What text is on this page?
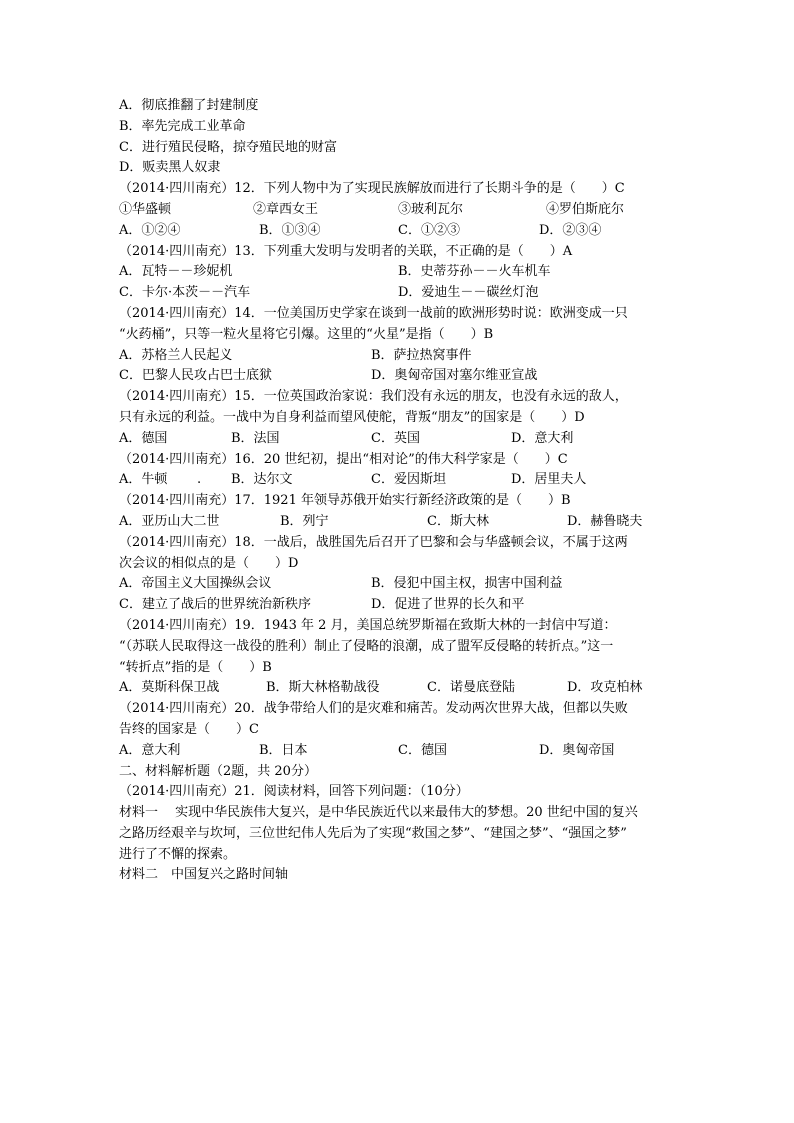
A．彻底推翻了封建制度
B．率先完成工业革命
C．进行殖民侵略，掠夺殖民地的财富
D．贩卖黑人奴隶
（2014·四川南充）12．下列人物中为了实现民族解放而进行了长期斗争的是（　　）C
①华盛顿	②章西女王	③玻利瓦尔	④罗伯斯庇尔
A．①②④	B．①③④	C．①②③	D．②③④
（2014·四川南充）13．下列重大发明与发明者的关联，不正确的是（　　）A
A．瓦特－－珍妮机	B．史蒂芬孙－－火车机车
C．卡尔·本茨－－汽车	D．爱迪生－－碳丝灯泡
（2014·四川南充）14．一位美国历史学家在谈到一战前的欧洲形势时说：欧洲变成一只
“火药桶”，只等一粒火星将它引爆。这里的“火星”是指（　　）B
A．苏格兰人民起义	B．萨拉热窝事件
C．巴黎人民攻占巴士底狱	D．奥匈帝国对塞尔维亚宣战
（2014·四川南充）15．一位英国政治家说：我们没有永远的朋友，也没有永远的敌人，
只有永远的利益。一战中为自身利益而望风使舵，背叛“朋友”的国家是（　　）D
A．德国	B．法国	C．英国	D．意大利
（2014·四川南充）16．20 世纪初，提出“相对论”的伟大科学家是（　　）C
A．牛顿 . B．达尔文	C．爱因斯坦	D．居里夫人
（2014·四川南充）17．1921 年领导苏俄开始实行新经济政策的是（　　）B
A．亚历山大二世	B．列宁	C．斯大林	D．赫鲁晓夫
（2014·四川南充）18．一战后，战胜国先后召开了巴黎和会与华盛顿会议，不属于这两
次会议的相似点的是（　　）D
A．帝国主义大国操纵会议	B．侵犯中国主权，损害中国利益
C．建立了战后的世界统治新秩序	D．促进了世界的长久和平
（2014·四川南充）19．1943 年 2 月，美国总统罗斯福在致斯大林的一封信中写道：
“（苏联人民取得这一战役的胜利）制止了侵略的浪潮，成了盟军反侵略的转折点。”这一
“转折点”指的是（　　）B
A．莫斯科保卫战	B．斯大林格勒战役	C．诺曼底登陆	D．攻克柏林
（2014·四川南充）20．战争带给人们的是灾难和痛苦。发动两次世界大战，但都以失败
告终的国家是（　　）C
A．意大利	B．日本	C．德国	D．奥匈帝国
二、材料解析题（2题，共 20分）
（2014·四川南充）21．阅读材料，回答下列问题：（10分）
材料一　 实现中华民族伟大复兴，是中华民族近代以来最伟大的梦想。20 世纪中国的复兴
之路历经艰辛与坎坷，三位世纪伟人先后为了实现“救国之梦”、“建国之梦”、“强国之梦”
进行了不懈的探索。
材料二　中国复兴之路时间轴
